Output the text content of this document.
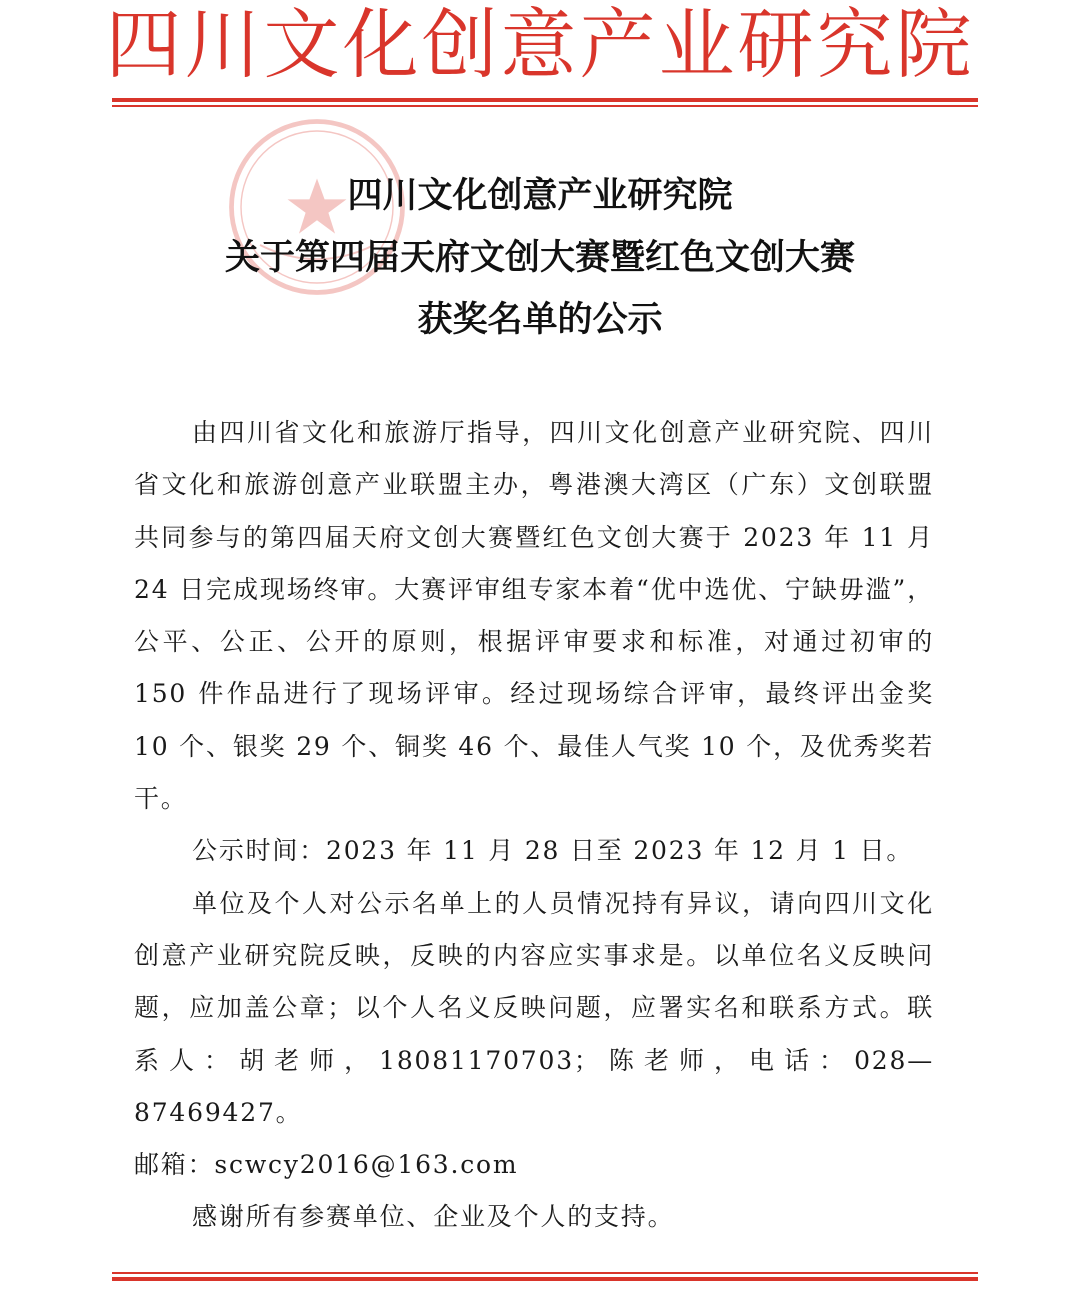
四川文化创意产业研究院
四川文化创意产业研究院
关于第四届天府文创大赛暨红色文创大赛
获奖名单的公示

由四川省文化和旅游厅指导，四川文化创意产业研究院、四川省文化和旅游创意产业联盟主办，粤港澳大湾区（广东）文创联盟共同参与的第四届天府文创大赛暨红色文创大赛于 2023 年 11 月 24 日完成现场终审。大赛评审组专家本着“优中选优、宁缺毋滥”，公平、公正、公开的原则，根据评审要求和标准，对通过初审的 150 件作品进行了现场评审。经过现场综合评审，最终评出金奖 10 个、银奖 29 个、铜奖 46 个、最佳人气奖 10 个，及优秀奖若干。

公示时间：2023 年 11 月 28 日至 2023 年 12 月 1 日。

单位及个人对公示名单上的人员情况持有异议，请向四川文化创意产业研究院反映，反映的内容应实事求是。以单位名义反映问题，应加盖公章；以个人名义反映问题，应署实名和联系方式。联系人：胡老师，18081170703；陈老师，电话：028—87469427。

邮箱：scwcy2016@163.com

感谢所有参赛单位、企业及个人的支持。
